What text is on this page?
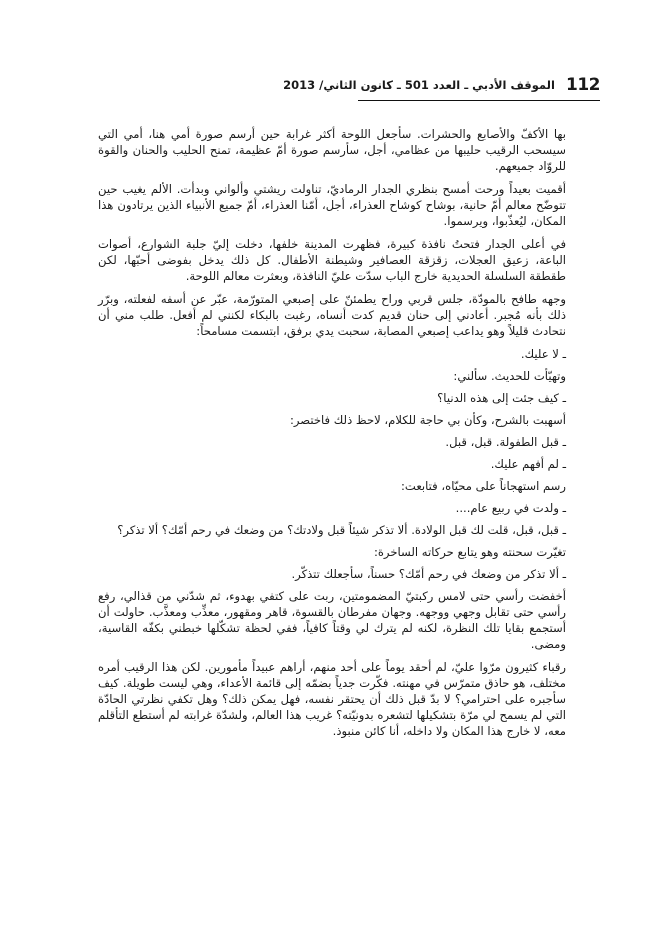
112 الموقف الأدبي ـ العدد 501 ـ كانون الثاني/ 2013

بها الأكفّ والأصابع والحشرات. سأجعل اللوحة أكثر غرابة حين أرسم صورة أمي هنا، أمي التي سيسحب الرقيب حليبها من عظامي، أجل، سأرسم صورة أمّ عظيمة، تمنح الحليب والحنان والقوة للروّاد جميعهم.

أقميت بعيداً ورحت أمسح بنظري الجدار الرماديّ، تناولت ريشتي وألواني وبدأت. الألم يغيب حين تتوضّح معالم أمّ حانية، بوشاح كوشاح العذراء، أجل، أمّنا العذراء، أمّ جميع الأنبياء الذين يرتادون هذا المكان، ليُعذّبوا، ويرسموا.

في أعلى الجدار فتحتُ نافذة كبيرة، فظهرت المدينة خلفها، دخلت إليّ جلبة الشوارع، أصوات الباعة، زعيق العجلات، زقزقة العصافير وشيطنة الأطفال. كل ذلك يدخل بفوضى أحبّها، لكن طقطقة السلسلة الحديدية خارج الباب سدّت عليّ النافذة، وبعثرت معالم اللوحة.

وجهه طافح بالمودّة، جلس قربي وراح يطمئنّ على إصبعي المتورّمة، عبّر عن أسفه لفعلته، وبرّر ذلك بأنه مُجبر. أعادني إلى حنان قديم كدت أنساه، رغبت بالبكاء لكنني لم أفعل. طلب مني أن نتحادث قليلاً وهو يداعب إصبعي المصابة، سحبت يدي برفق، ابتسمت مسامحاً:

ـ لا عليك.

وتهيّأت للحديث. سألني:

ـ كيف جئت إلى هذه الدنيا؟

أسهبت بالشرح، وكأن بي حاجة للكلام، لاحظ ذلك فاختصر:

ـ قبل الطفولة. قبل، قبل.

ـ لم أفهم عليك.

رسم استهجاناً على محيّاه، فتابعت:

ـ ولدت في ربيع عام....

ـ قبل، قبل، قلت لك قبل الولادة. ألا تذكر شيئاً قبل ولادتك؟ من وضعك في رحم أمّك؟ ألا تذكر؟

تغيّرت سحنته وهو يتابع حركاته الساخرة:

ـ ألا تذكر من وضعك في رحم أمّك؟ حسناً، سأجعلك تتذكّر.

أخفضت رأسي حتى لامس ركبتيّ المضمومتين، ربت على كتفي بهدوء، ثم شدّني من قذالي، رفع رأسي حتى تقابل وجهي ووجهه. وجهان مفرطان بالقسوة، قاهر ومقهور، معذِّب ومعذَّب. حاولت أن أستجمع بقايا تلك النظرة، لكنه لم يترك لي وقتاً كافياً، ففي لحظة تشكّلها خبطني بكفّه القاسية، ومضى.

رقباء كثيرون مرّوا عليّ، لم أحقد يوماً على أحد منهم، أراهم عبيداً مأمورين. لكن هذا الرقيب أمره مختلف، هو حاذق متمرّس في مهنته. فكّرت جدياً بضمّه إلى قائمة الأعداء، وهي ليست طويلة. كيف سأجبره على احترامي؟ لا بدّ قبل ذلك أن يحتقر نفسه، فهل يمكن ذلك؟ وهل تكفي نظرتي الحادّة التي لم يسمح لي مرّة بتشكيلها لتشعره بدونيّته؟ غريب هذا العالم، ولشدّة غرابته لم أستطع التأقلم معه، لا خارج هذا المكان ولا داخله، أنا كائن منبوذ.
